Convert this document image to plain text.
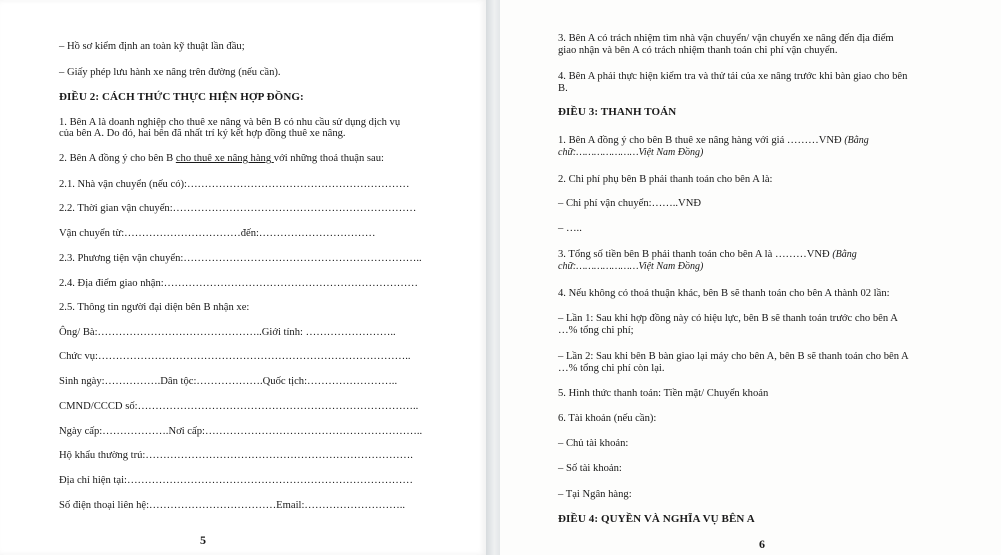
– Hồ sơ kiểm định an toàn kỹ thuật lần đầu;
– Giấy phép lưu hành xe nâng trên đường (nếu cần).
ĐIỀU 2: CÁCH THỨC THỰC HIỆN HỢP ĐỒNG:
1. Bên A là doanh nghiệp cho thuê xe nâng và bên B có nhu cầu sử dụng dịch vụ
của bên A. Do đó, hai bên đã nhất trí ký kết hợp đồng thuê xe nâng.
2. Bên A đồng ý cho bên B cho thuê xe nâng hàng với những thoả thuận sau:
2.1. Nhà vận chuyển (nếu có):………………………………………………………
2.2. Thời gian vận chuyển:……………………………………………………………
Vận chuyển từ:……………………………đến:……………………………
2.3. Phương tiện vận chuyển:…………………………………………………………..
2.4. Địa điểm giao nhận:………………………………………………………………
2.5. Thông tin người đại diện bên B nhận xe:
Ông/ Bà:………………………………………..Giới tính: ……………………..
Chức vụ:……………………………………………………………………………..
Sinh ngày:…………….Dân tộc:……………….Quốc tịch:……………………..
CMND/CCCD số:……………………………………………………………………..
Ngày cấp:……………….Nơi cấp:……………………………………………………..
Hộ khẩu thường trú:………………………………………………………………….
Địa chỉ hiện tại:………………………………………………………………………
Số điện thoại liên hệ:………………………………Email:………………………..
5
3. Bên A có trách nhiệm tìm nhà vận chuyển/ vận chuyển xe nâng đến địa điểm
giao nhận và bên A có trách nhiệm thanh toán chi phí vận chuyển.
4. Bên A phải thực hiện kiểm tra và thử tải của xe nâng trước khi bàn giao cho bên
B.
ĐIỀU 3: THANH TOÁN
1. Bên A đồng ý cho bên B thuê xe nâng hàng với giá ………VNĐ (Bằng
chữ:…………………Việt Nam Đồng)
2. Chi phí phụ bên B phải thanh toán cho bên A là:
– Chi phí vận chuyển:……..VNĐ
– …..
3. Tổng số tiền bên B phải thanh toán cho bên A là ………VNĐ (Bằng
chữ:…………………Việt Nam Đồng)
4. Nếu không có thoả thuận khác, bên B sẽ thanh toán cho bên A thành 02 lần:
– Lần 1: Sau khi hợp đồng này có hiệu lực, bên B sẽ thanh toán trước cho bên A
…% tổng chi phí;
– Lần 2: Sau khi bên B bàn giao lại máy cho bên A, bên B sẽ thanh toán cho bên A
…% tổng chi phí còn lại.
5. Hình thức thanh toán: Tiền mặt/ Chuyển khoản
6. Tài khoản (nếu cần):
– Chủ tài khoản:
– Số tài khoản:
– Tại Ngân hàng:
ĐIỀU 4: QUYỀN VÀ NGHĨA VỤ BÊN A
6
